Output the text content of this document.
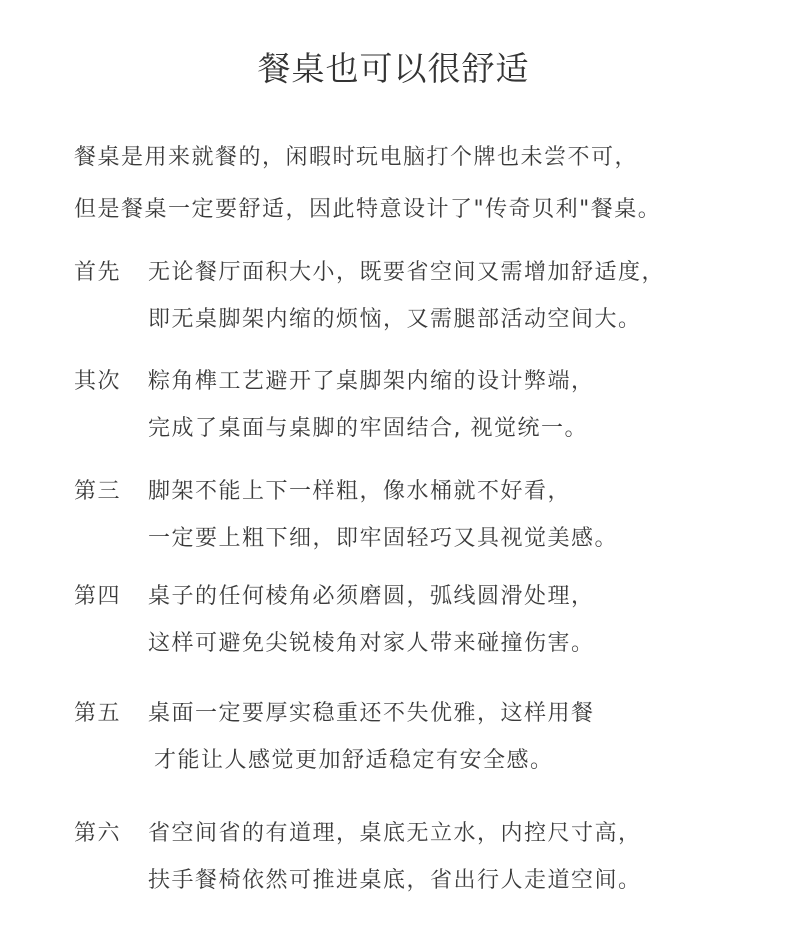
餐桌也可以很舒适
餐桌是用来就餐的，闲暇时玩电脑打个牌也未尝不可，
但是餐桌一定要舒适，因此特意设计了"传奇贝利"餐桌。
首先 无论餐厅面积大小，既要省空间又需增加舒适度，
即无桌脚架内缩的烦恼，又需腿部活动空间大。
其次 粽角榫工艺避开了桌脚架内缩的设计弊端，
完成了桌面与桌脚的牢固结合, 视觉统一。
第三 脚架不能上下一样粗，像水桶就不好看，
一定要上粗下细，即牢固轻巧又具视觉美感。
第四 桌子的任何棱角必须磨圆，弧线圆滑处理，
这样可避免尖锐棱角对家人带来碰撞伤害。
第五 桌面一定要厚实稳重还不失优雅，这样用餐
才能让人感觉更加舒适稳定有安全感。
第六 省空间省的有道理，桌底无立水，内控尺寸高，
扶手餐椅依然可推进桌底，省出行人走道空间。
